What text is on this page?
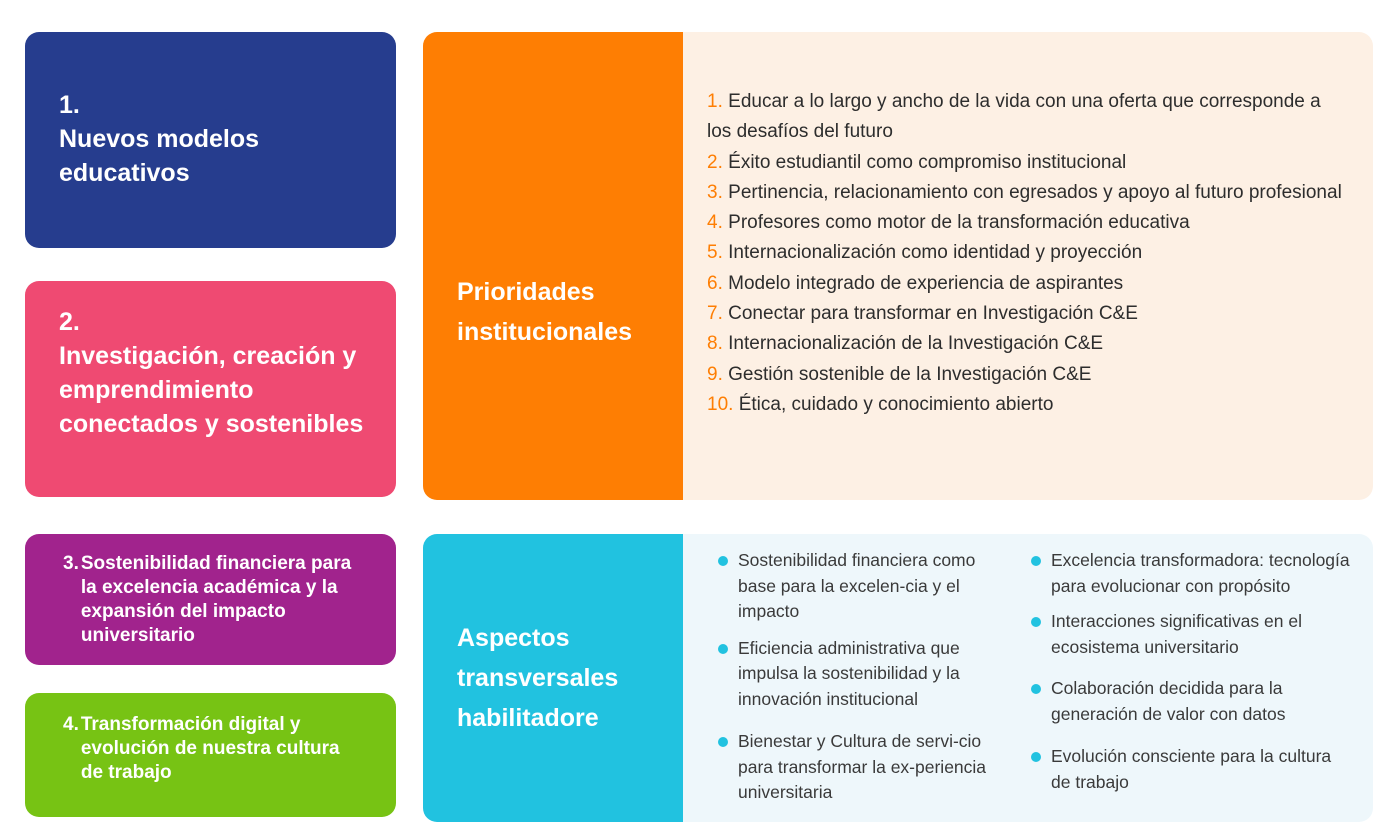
1.
Nuevos modelos educativos
2.
Investigación, creación y emprendimiento conectados y sostenibles
3. Sostenibilidad financiera para la excelencia académica y la expansión del impacto universitario
4. Transformación digital y evolución de nuestra cultura de trabajo
Prioridades institucionales
1. Educar a lo largo y ancho de la vida con una oferta que corresponde a los desafíos del futuro
2. Éxito estudiantil como compromiso institucional
3. Pertinencia, relacionamiento con egresados y apoyo al futuro profesional
4. Profesores como motor de la transformación educativa
5. Internacionalización como identidad y proyección
6. Modelo integrado de experiencia de aspirantes
7. Conectar para transformar en Investigación C&E
8. Internacionalización de la Investigación C&E
9. Gestión sostenible de la Investigación C&E
10. Ética, cuidado y conocimiento abierto
Aspectos transversales habilitadore
Sostenibilidad financiera como base para la excelen-cia y el impacto
Eficiencia administrativa que impulsa la sostenibilidad y la innovación institucional
Bienestar y Cultura de servi-cio para transformar la ex-periencia universitaria
Excelencia transformadora: tecnología para evolucionar con propósito
Interacciones significativas en el ecosistema universitario
Colaboración decidida para la generación de valor con datos
Evolución consciente para la cultura de trabajo
